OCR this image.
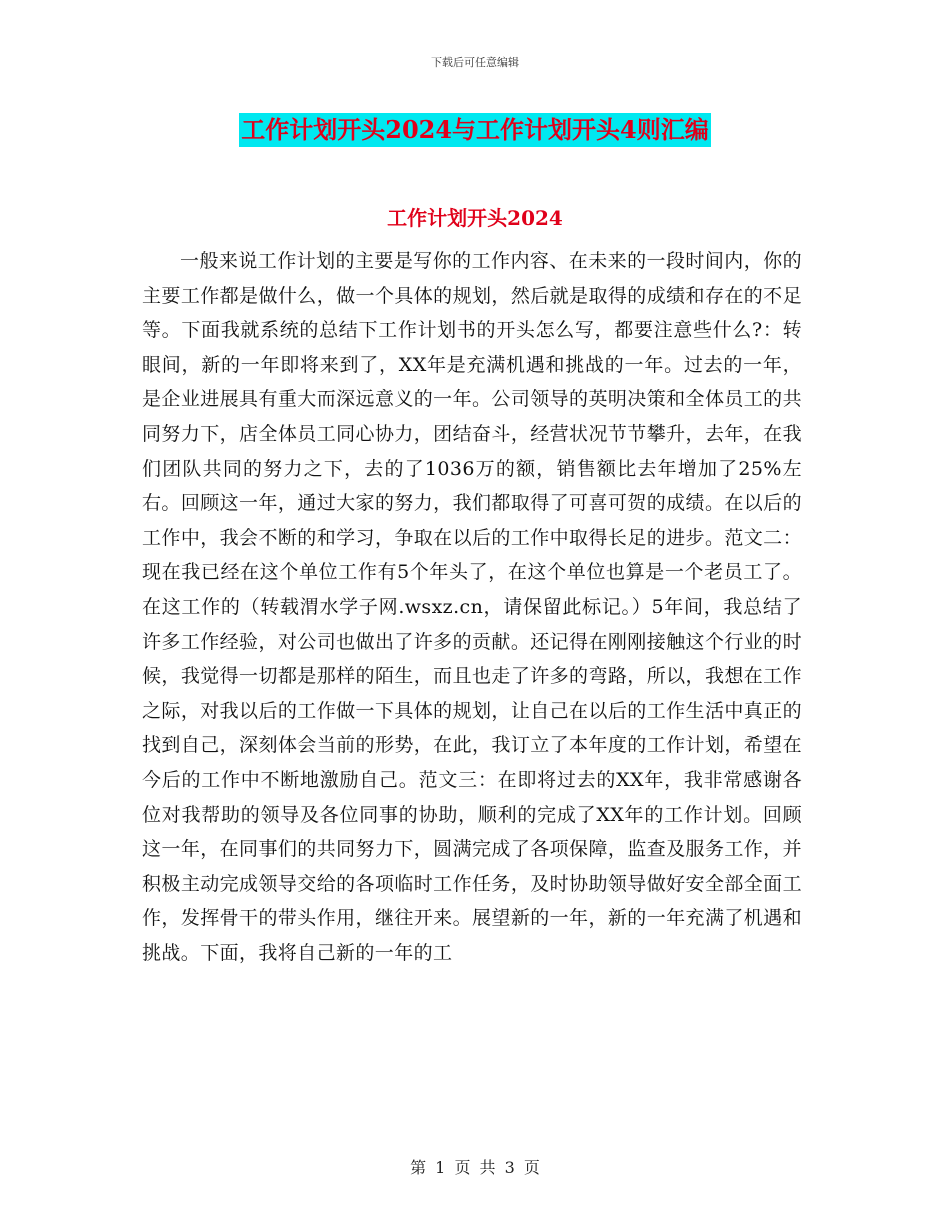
下载后可任意编辑
工作计划开头2024与工作计划开头4则汇编
工作计划开头2024

一般来说工作计划的主要是写你的工作内容、在未来的一段时间内，你的主要工作都是做什么，做一个具体的规划，然后就是取得的成绩和存在的不足等。下面我就系统的总结下工作计划书的开头怎么写，都要注意些什么?：转眼间，新的一年即将来到了，XX年是充满机遇和挑战的一年。过去的一年，是企业进展具有重大而深远意义的一年。公司领导的英明决策和全体员工的共同努力下，店全体员工同心协力，团结奋斗，经营状况节节攀升，去年，在我们团队共同的努力之下，去的了1036万的额，销售额比去年增加了25%左右。回顾这一年，通过大家的努力，我们都取得了可喜可贺的成绩。在以后的工作中，我会不断的和学习，争取在以后的工作中取得长足的进步。范文二：现在我已经在这个单位工作有5个年头了，在这个单位也算是一个老员工了。在这工作的（转载渭水学子网.wsxz.cn，请保留此标记。）5年间，我总结了许多工作经验，对公司也做出了许多的贡献。还记得在刚刚接触这个行业的时候，我觉得一切都是那样的陌生，而且也走了许多的弯路，所以，我想在工作之际，对我以后的工作做一下具体的规划，让自己在以后的工作生活中真正的找到自己，深刻体会当前的形势，在此，我订立了本年度的工作计划，希望在今后的工作中不断地激励自己。范文三：在即将过去的XX年，我非常感谢各位对我帮助的领导及各位同事的协助，顺利的完成了XX年的工作计划。回顾这一年，在同事们的共同努力下，圆满完成了各项保障，监查及服务工作，并积极主动完成领导交给的各项临时工作任务，及时协助领导做好安全部全面工作，发挥骨干的带头作用，继往开来。展望新的一年，新的一年充满了机遇和挑战。下面，我将自己新的一年的工

第 1 页 共 3 页
